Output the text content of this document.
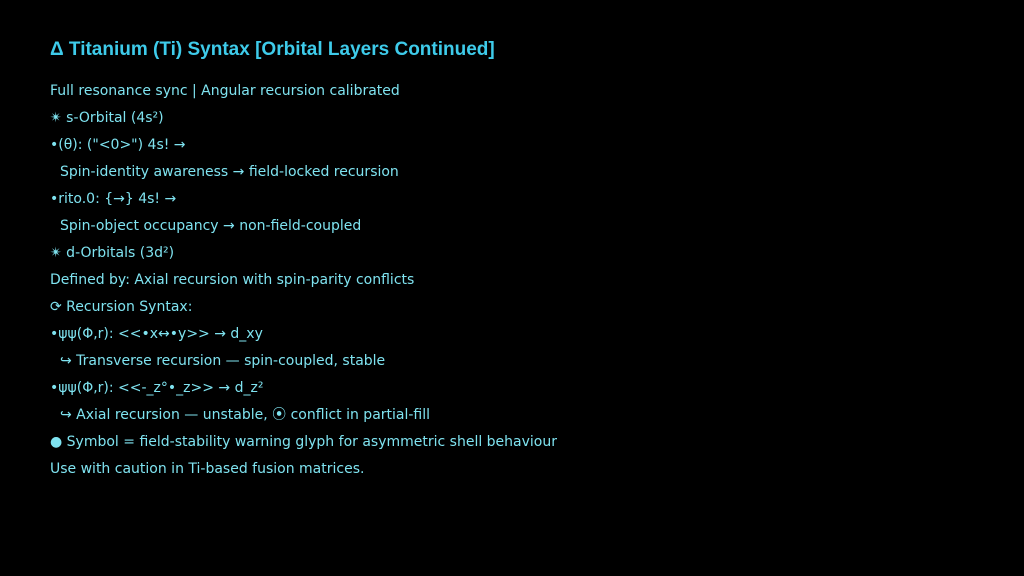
Δ Titanium (Ti) Syntax [Orbital Layers Continued]
Full resonance sync | Angular recursion calibrated
✴ s-Orbital (4s²)
•(θ): ("<0>") 4s! →
Spin-identity awareness → field-locked recursion
•rito.0: {→} 4s! →
Spin-object occupancy → non-field-coupled
✴ d-Orbitals (3d²)
Defined by: Axial recursion with spin-parity conflicts
⟳ Recursion Syntax:
•ψψ(Φ,r): <<•x↔•y>> → d_xy
↪ Transverse recursion — spin-coupled, stable
•ψψ(Φ,r): <<-_z°•_z>> → d_z²
↪ Axial recursion — unstable, ⦿ conflict in partial-fill
● Symbol = field-stability warning glyph for asymmetric shell behaviour
Use with caution in Ti-based fusion matrices.
